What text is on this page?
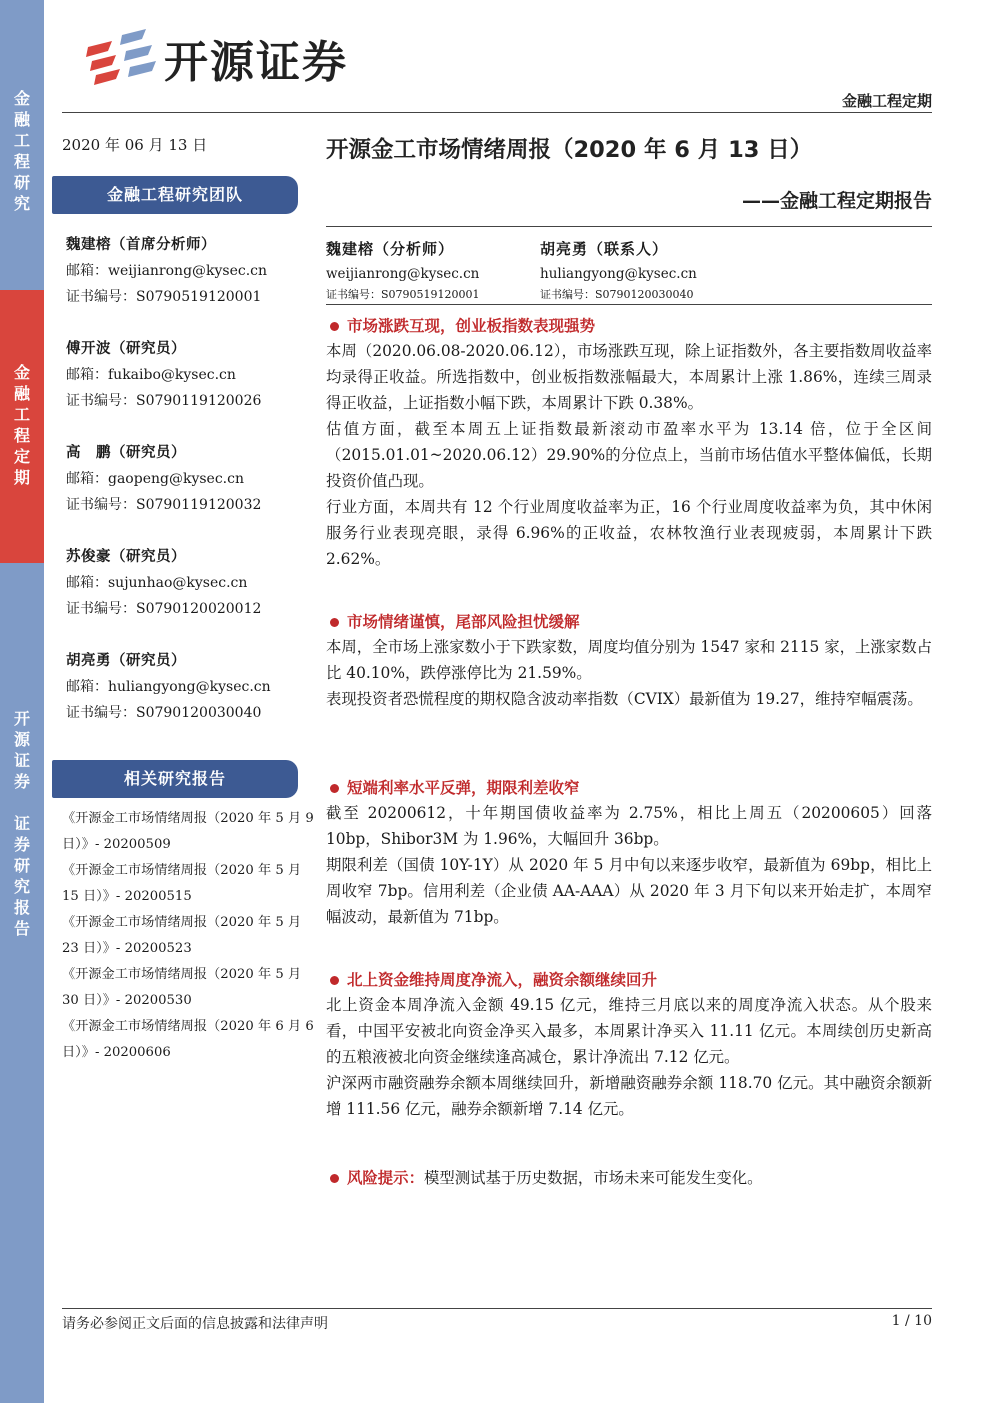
金
融
工
程
研
究
金
融
工
程
定
期
开
源
证
券

证
券
研
究
报
告
开源证券
金融工程定期
2020 年 06 月 13 日
金融工程研究团队
魏建榕（首席分析师）
邮箱：weijianrong@kysec.cn
证书编号：S0790519120001
傅开波（研究员）
邮箱：fukaibo@kysec.cn
证书编号：S0790119120026
高　鹏（研究员）
邮箱：gaopeng@kysec.cn
证书编号：S0790119120032
苏俊豪（研究员）
邮箱：sujunhao@kysec.cn
证书编号：S0790120020012
胡亮勇（研究员）
邮箱：huliangyong@kysec.cn
证书编号：S0790120030040
相关研究报告
《开源金工市场情绪周报（2020 年 5 月 9 日）》- 20200509
《开源金工市场情绪周报（2020 年 5 月 15 日）》- 20200515
《开源金工市场情绪周报（2020 年 5 月 23 日）》- 20200523
《开源金工市场情绪周报（2020 年 5 月 30 日）》- 20200530
《开源金工市场情绪周报（2020 年 6 月 6 日）》- 20200606
开源金工市场情绪周报（2020 年 6 月 13 日）
——金融工程定期报告
魏建榕（分析师）
weijianrong@kysec.cn
证书编号：S0790519120001
胡亮勇（联系人）
huliangyong@kysec.cn
证书编号：S0790120030040
市场涨跌互现，创业板指数表现强势

本周（2020.06.08-2020.06.12），市场涨跌互现，除上证指数外，各主要指数周收益率均录得正收益。所选指数中，创业板指数涨幅最大，本周累计上涨 1.86%，连续三周录得正收益，上证指数小幅下跌，本周累计下跌 0.38%。

估值方面，截至本周五上证指数最新滚动市盈率水平为 13.14 倍，位于全区间（2015.01.01~2020.06.12）29.90%的分位点上，当前市场估值水平整体偏低，长期投资价值凸现。

行业方面，本周共有 12 个行业周度收益率为正，16 个行业周度收益率为负，其中休闲服务行业表现亮眼，录得 6.96%的正收益，农林牧渔行业表现疲弱，本周累计下跌 2.62%。

市场情绪谨慎，尾部风险担忧缓解

本周，全市场上涨家数小于下跌家数，周度均值分别为 1547 家和 2115 家，上涨家数占比 40.10%，跌停涨停比为 21.59%。

表现投资者恐慌程度的期权隐含波动率指数（CVIX）最新值为 19.27，维持窄幅震荡。

短端利率水平反弹，期限利差收窄

截至 20200612，十年期国债收益率为 2.75%，相比上周五（20200605）回落 10bp，Shibor3M 为 1.96%，大幅回升 36bp。

期限利差（国债 10Y-1Y）从 2020 年 5 月中旬以来逐步收窄，最新值为 69bp，相比上周收窄 7bp。信用利差（企业债 AA-AAA）从 2020 年 3 月下旬以来开始走扩，本周窄幅波动，最新值为 71bp。

北上资金维持周度净流入，融资余额继续回升

北上资金本周净流入金额 49.15 亿元，维持三月底以来的周度净流入状态。从个股来看，中国平安被北向资金净买入最多，本周累计净买入 11.11 亿元。本周续创历史新高的五粮液被北向资金继续逢高减仓，累计净流出 7.12 亿元。

沪深两市融资融券余额本周继续回升，新增融资融券余额 118.70 亿元。其中融资余额新增 111.56 亿元，融券余额新增 7.14 亿元。

风险提示： 模型测试基于历史数据，市场未来可能发生变化。
请务必参阅正文后面的信息披露和法律声明	1 / 10
